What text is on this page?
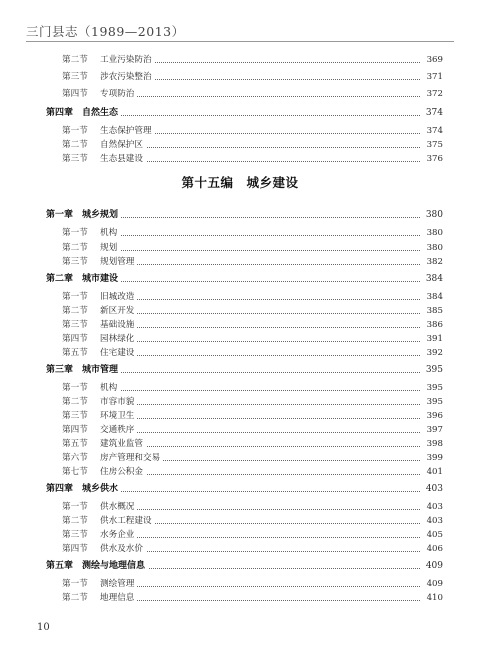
三门县志（1989—2013）
第十五编　城乡建设
第二节 工业污染防治	369
第三节 涉农污染整治	371
第四节 专项防治	372
第四章 自然生态	374
第一节 生态保护管理	374
第二节 自然保护区	375
第三节 生态县建设	376
第一章 城乡规划	380
第一节 机构	380
第二节 规划	380
第三节 规划管理	382
第二章 城市建设	384
第一节 旧城改造	384
第二节 新区开发	385
第三节 基础设施	386
第四节 园林绿化	391
第五节 住宅建设	392
第三章 城市管理	395
第一节 机构	395
第二节 市容市貌	395
第三节 环境卫生	396
第四节 交通秩序	397
第五节 建筑业监管	398
第六节 房产管理和交易	399
第七节 住房公积金	401
第四章 城乡供水	403
第一节 供水概况	403
第二节 供水工程建设	403
第三节 水务企业	405
第四节 供水及水价	406
第五章 测绘与地理信息	409
第一节 测绘管理	409
第二节 地理信息	410
10
